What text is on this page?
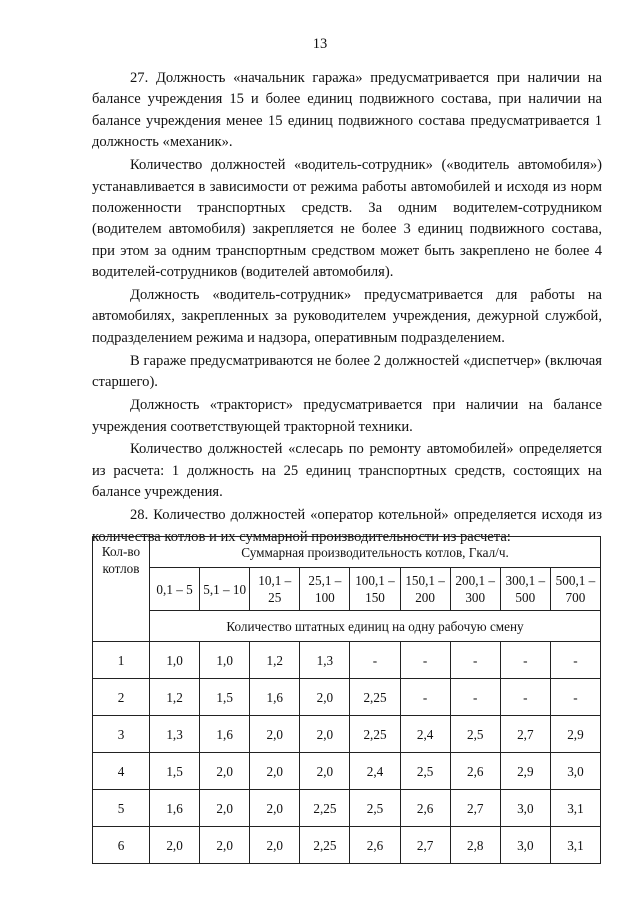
13

27. Должность «начальник гаража» предусматривается при наличии на балансе учреждения 15 и более единиц подвижного состава, при наличии на балансе учреждения менее 15 единиц подвижного состава предусматривается 1 должность «механик».

Количество должностей «водитель-сотрудник» («водитель автомобиля») устанавливается в зависимости от режима работы автомобилей и исходя из норм положенности транспортных средств. За одним водителем-сотрудником (водителем автомобиля) закрепляется не более 3 единиц подвижного состава, при этом за одним транспортным средством может быть закреплено не более 4 водителей-сотрудников (водителей автомобиля).

Должность «водитель-сотрудник» предусматривается для работы на автомобилях, закрепленных за руководителем учреждения, дежурной службой, подразделением режима и надзора, оперативным подразделением.

В гараже предусматриваются не более 2 должностей «диспетчер» (включая старшего).

Должность «тракторист» предусматривается при наличии на балансе учреждения соответствующей тракторной техники.

Количество должностей «слесарь по ремонту автомобилей» определяется из расчета: 1 должность на 25 единиц транспортных средств, состоящих на балансе учреждения.

28. Количество должностей «оператор котельной» определяется исходя из количества котлов и их суммарной производительности из расчета:

Кол-во котлов	Суммарная производительность котлов, Гкал/ч.								
	0,1 – 5	5,1 – 10	10,1 – 25	25,1 – 100	100,1 – 150	150,1 – 200	200,1 – 300	300,1 – 500	500,1 – 700
	Количество штатных единиц на одну рабочую смену								
1	1,0	1,0	1,2	1,3	-	-	-	-	-
2	1,2	1,5	1,6	2,0	2,25	-	-	-	-
3	1,3	1,6	2,0	2,0	2,25	2,4	2,5	2,7	2,9
4	1,5	2,0	2,0	2,0	2,4	2,5	2,6	2,9	3,0
5	1,6	2,0	2,0	2,25	2,5	2,6	2,7	3,0	3,1
6	2,0	2,0	2,0	2,25	2,6	2,7	2,8	3,0	3,1
